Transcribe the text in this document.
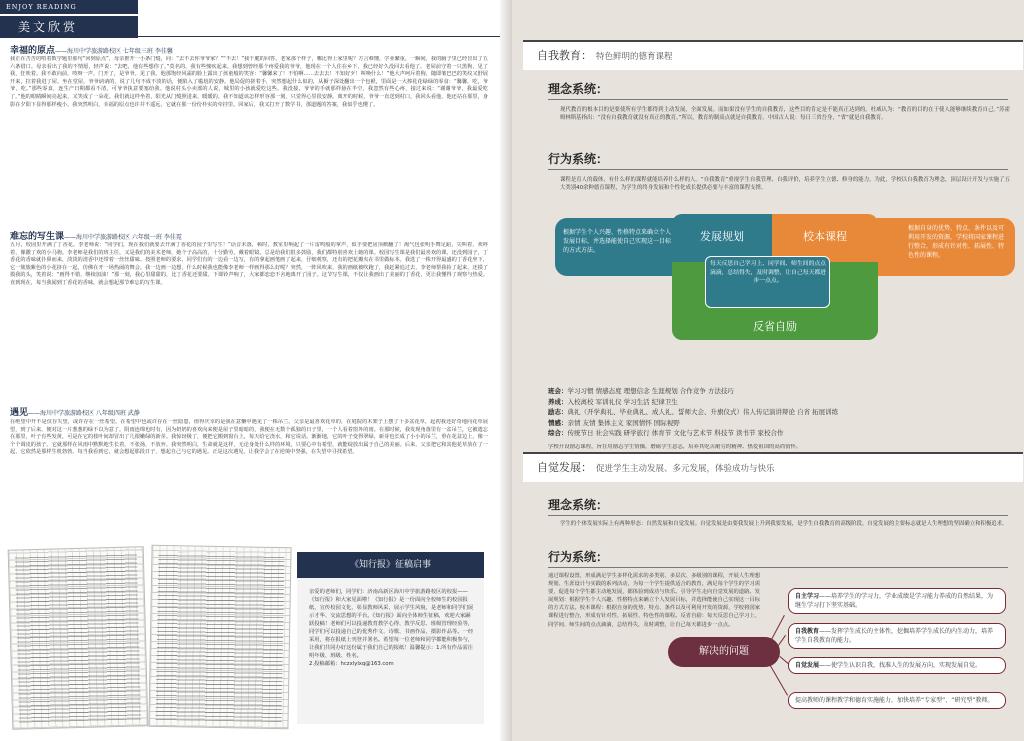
ENJOY READING
美文欣赏
幸福的原点——海川中学旅游路校区 七年级三班 李佳馨
我正在苦苦的啃着数学题里那句“回到原点”，母亲推开一小条门缝，问：“去不去你爷爷家？”“不去！”我干脆的回答。老家那个样子，哪比得上家里呢？方言难懂，学业繁重，一瞬间，我的脑子里已经冒出了五六条借口。母亲看出了我的不情愿，轻声说：“去吧，他有些想你了。”莫名的，我有些愧疚起来。我想到曾经那个疼爱我的爷爷，他现在一个人住在乡下，我已经好久没回去看他了。老屋前守着一只黑狗，见了我，狂吠着。我不敢向前，吱呀一声，门开了，是爷爷。见了我，他那饱经风霜的脸上露出了孩童般的笑容：“馨馨来了！不怕啊……去去去！不知好歹！叫唤什么！”他大声呵斥着狗，随即皱巴巴的笑纹又舒展开来，拉着我进了屋。坐在堂屋，爷爷讷讷的，说了几句不成不淡的话，便陷入了尴尬的安静。他局促的搓着手，突然想起什么似的，从橱子深处翻出一个包袱，里面是一大捧花花绿绿的零食：“馨馨，吃，爷爷，吃。”那些零食，连生产日期都看不清，可爷爷执意要塞给我。他说村头小卖部的人说，城里的小孩就爱吃这些。我没接，爷爷的手就那样悬在半空，我忽然有些心疼，接过来说：“谢谢爷爷，我最爱吃了。”他的眼睛瞬间亮起来，又笑成了一朵花。我们就这样坐着，阳光从门缝照进来，暖暖的。我不知道该怎样形容那一刻，只觉得心里很安静。离开的时候，爷爷一直送到村口，我回头看他，他还站在那里，身影在夕阳下显得那样瘦小。我突然明白，幸福的原点也许并不遥远，它就在那一份份朴实的牵挂里。回家后，我又打开了数学书，那道题的答案，我似乎也懂了。
难忘的写生课——海川中学旅游路校区 六年级一班 李佳霓
五月，校园里开满了丁香花。李老师说：“同学们，现在我们就要去开满丁香花的园子里写生！”话音未落，顿时，教室里响起了一片雷鸣般的掌声，似乎要把房顶掀翻了！淘气包张明手舞足蹈，尖叫着，欢呼着，像撒了欢的小马驹。李老师是我们的班主任，又是我们的美术老师，她个子高高的，十分勤劳，戴着眼镜，总是给我们很多鼓励，我们都特别喜欢上她的课。校园写生课是我们最喜欢的课，还没到园子，丁香花的香味就扑鼻而来，淡淡的清香中还带着一丝丝甜味。按照老师的要求，同学们有的一边看一边写，有的拿起画笔画了起来，仔细观察，还有的把花瓣夹在书里做标本。我选了一株开得最盛的丁香花坐下，它一簇簇紫色的小花挤在一起，仿佛在开一场热闹的舞会。我一边画一边想，什么时候我也能像李老师一样画得那么好呢？突然，一阵风吹来，我的画纸被吹跑了，我赶紧追过去，李老师帮我捡了起来，还摸了摸我的头，笑着说：“画得不错，继续加油！”那一刻，我心里甜甜的，比丁香花还要甜。下课铃声响了，大家都恋恋不舍地离开了园子。这节写生课，不仅让我画出了美丽的丁香花，更让我懂得了观察与热爱。直到现在，每当我闻到丁香花的香味，就会想起那节难忘的写生课。
遇见——海川中学旅游路校区 八年级四班 武静
在绝望中开不是仅存失望，或许存在一丝希望。在希望中也或许存在一丝隐患，值得庆幸的是我在意懒中遇见了一株吊兰。父亲是最喜欢花草的，在庭院的木架子上摆了十多盆花草，起初我还好奇地向花草展望，到了后来，便对这一片葱葱的绿不以为意了。阴雨连绵也时有，因为奶奶的喜欢向来便是屋子里暗暗的，我便在无数个孤独的日子里，一个人看着窗外的雨。在那时候，我发现角落里有一盆吊兰，它被遗忘在那里，叶子有些发黄，可是在它的枝叶间却冒出了几根嫩绿的新芽。我惊讶极了，便把它搬到窗台上，每天给它浇水，和它说话。渐渐地，它的叶子变得翠绿，新芽也长成了小小的吊兰，垂在花盆边上，像一个个调皮的孩子。它就那样在风雨中默默地生长着，不张扬，不放弃。我突然明白，生命就是这样，无论身处什么样的环境，只要心中有希望，就能绽放出属于自己的美丽。后来，父亲把它和其他花草放在了一起，它依然是那样生机勃勃。每当我看到它，就会想起那段日子，想起自己与它的遇见。正是这次遇见，让我学会了在逆境中坚强，在失望中寻找希望。
《知行报》征稿启事
亲爱的老师们，同学们：济南高新区海川中学旅游路校区的校报——《知行报》和大家见面啦！《知行报》是一份面向全校师生的校园报纸，宣传校园文化，彰显教师风采，展示学生风貌，是老师和同学们展示才华、交流思想的平台。《知行报》面向全体师生征稿，欢迎大家踊跃投稿！老师们可以投递教育教学心得、教学反思、班级管理经验等，同学们可以投递自己的优秀作文、诗歌、书画作品、摄影作品等。一经采用，将在报纸上刊登并署名。希望每一位老师和同学都能积极参与，让我们共同办好这份属于我们自己的报纸！温馨提示：1.所有作品需注明年级、班级、姓名。
2.投稿邮箱：hczxlylxq@163.com
自我教育： 特色鲜明的德育课程
理念系统：
现代教育的根本目的是要使所有学生都得到主动发展，全面发展。而如果没有学生的自我教育，这些目的肯定是不能真正达到的。杜威认为：“教育的目的在于使人能够继续教育自己。”苏霍姆林斯基指出：“没有自我教育就没有真正的教育。”所以，教育的制高点就是自我教育。中国古人说：每日三省吾身，“省”就是自我教育。
行为系统：
课程是育人的载体，有什么样的课程就能培养什么样的人。“自我教育”重视学生自我管理、自我评价，培养学生立德、修身的能力。为此，学校以自我教育为理念，顶层设计开发与实施了五大类别40余种德育课程，为学生的终身发展和个性化成长提供必要与丰富的课程支撑。
根据学生个人兴趣、性格特点来确立个人发展目标，并选择能使自己实现这一目标的方式方法。
根据自身的优势、特点、条件以及可利用开发的资源，学校将国家课程进行整合，形成有针对性、拓展性、特色性的课程。
发展规划	校本课程
每天反思自己学习上、同学间、师生间的点点滴滴，总结得失，及时调整，让自己每天都进步一点点。
反省自励
班会：学习习惯 情感态度 理想信念 生涯规划 合作竞争 方法技巧
养成：入校离校 军训礼仪 学习生活 纪律卫生
励志：典礼（开学典礼、毕业典礼、成人礼、誓师大会、升旗仪式）伟人传记演讲辩论 自省 拓展训练
情感：亲情 友情 集体主义 家国情怀 国际视野
综合：传统节日 社会实践 研学旅行 体育节 文化与艺术节 科技节 读书节 家校合作
学校开设励志课程，旨在用励志学生情操，磨砺学生意志，培养其吃苦耐劳的精神、热爱祖国的高尚情怀。
自觉发展： 促进学生主动发展、多元发展，体验成功与快乐
理念系统：
学生的个体发展实际上有两种形态：自然发展和自觉发展。自觉发展是由要我发展上升到我要发展，是学生自我教育的高级阶段。自觉发展的主要标志就是人生理想的坚固确立和积极追求。
行为系统：
通过课程设置，形成满足学生多样化需求的多类别、多层次、多级别的课程，开展人生理想规划、生涯设计与实践的系列活动，为每一个学生提供适合的教育，满足每个学生的学习需要，促进每个学生都主动地发展，都体验到成功与快乐。引导学生走向自觉发展的道路。发展规划：根据学生个人兴趣、性格特点来确立个人发展目标，并选择能使自己实现这一目标的方式方法。校本课程：根据自身的优势、特点、条件以及可利用开发的资源，学校将国家课程进行整合，形成有针对性、拓展性、特色性的课程。反省自励：每天反思自己学习上、同学间、师生间的点点滴滴，总结得失，及时调整，让自己每天都进步一点点。
解决的问题
自主学习——培养学生的学习力，学业成绩是学习能力养成的自然结果，为继生学习打下坚实基础。
自我教育——发挥学生成长的主体性，挖掘培养学生成长的内生动力，培养学生自我教育的能力。
自觉发展——使学生认识自我，找准人生的发展方向，实现发展自觉。
提高教师的课程教学和德育实施能力，加快培养“专家型”、“研究型”教师。
